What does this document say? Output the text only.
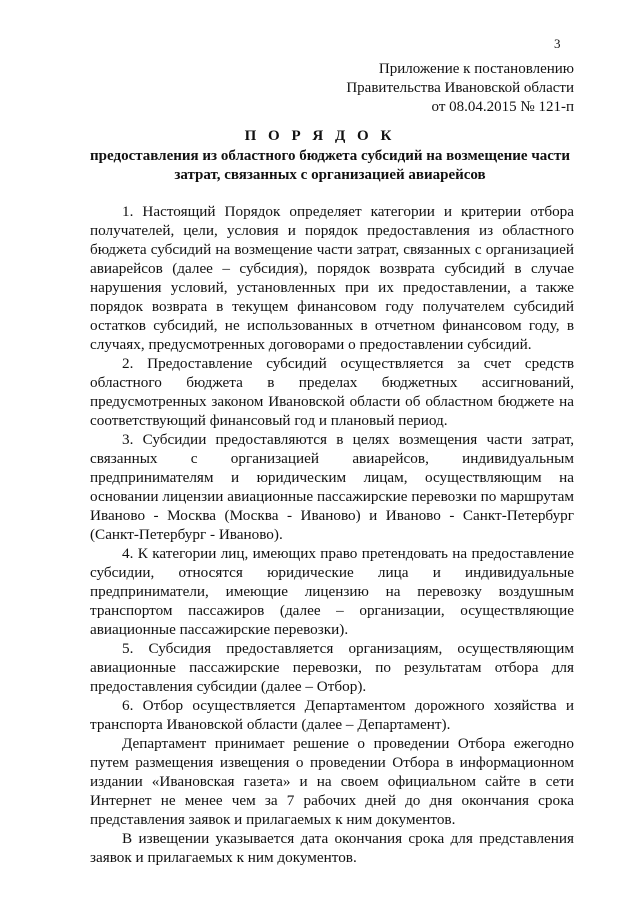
3
Приложение к постановлению
Правительства Ивановской области
от 08.04.2015 № 121-п
П О Р Я Д О К
предоставления из областного бюджета субсидий на возмещение части
затрат, связанных с организацией авиарейсов

1. Настоящий Порядок определяет категории и критерии отбора получателей, цели, условия и порядок предоставления из областного бюджета субсидий на возмещение части затрат, связанных с организацией авиарейсов (далее – субсидия), порядок возврата субсидий в случае нарушения условий, установленных при их предоставлении, а также порядок возврата в текущем финансовом году получателем субсидий остатков субсидий, не использованных в отчетном финансовом году, в случаях, предусмотренных договорами о предоставлении субсидий.

2. Предоставление субсидий осуществляется за счет средств областного бюджета в пределах бюджетных ассигнований, предусмотренных законом Ивановской области об областном бюджете на соответствующий финансовый год и плановый период.

3. Субсидии предоставляются в целях возмещения части затрат, связанных с организацией авиарейсов, индивидуальным предпринимателям и юридическим лицам, осуществляющим на основании лицензии авиационные пассажирские перевозки по маршрутам Иваново - Москва (Москва - Иваново) и Иваново - Санкт-Петербург (Санкт-Петербург - Иваново).

4. К категории лиц, имеющих право претендовать на предоставление субсидии, относятся юридические лица и индивидуальные предприниматели, имеющие лицензию на перевозку воздушным транспортом пассажиров (далее – организации, осуществляющие авиационные пассажирские перевозки).

5. Субсидия предоставляется организациям, осуществляющим авиационные пассажирские перевозки, по результатам отбора для предоставления субсидии (далее – Отбор).

6. Отбор осуществляется Департаментом дорожного хозяйства и транспорта Ивановской области (далее – Департамент).

Департамент принимает решение о проведении Отбора ежегодно путем размещения извещения о проведении Отбора в информационном издании «Ивановская газета» и на своем официальном сайте в сети Интернет не менее чем за 7 рабочих дней до дня окончания срока представления заявок и прилагаемых к ним документов.

В извещении указывается дата окончания срока для представления заявок и прилагаемых к ним документов.
